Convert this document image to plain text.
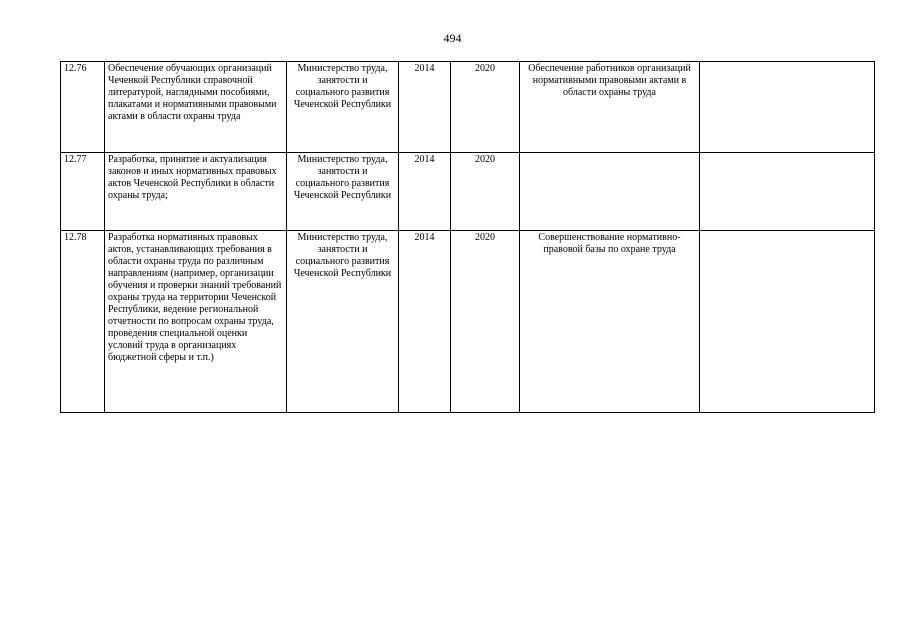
494
12.76	Обеспечение обучающих организаций Чеченкой Республики справочной литературой, наглядными пособиями, плакатами и нормативными правовыми актами в области охраны труда	Министерство труда, занятости и социального развития Чеченской Республики	2014	2020	Обеспечение работников организаций нормативными правовыми актами в области охраны труда	
12.77	Разработка, принятие и актуализация законов и иных нормативных правовых актов Чеченской Республики в области охраны труда;	Министерство труда, занятости и социального развития Чеченской Республики	2014	2020		
12.78	Разработка нормативных правовых актов, устанавливающих требования в области охраны труда по различным направлениям (например, организации обучения и проверки знаний требований охраны труда на территории Чеченской Республики, ведение региональной отчетности по вопросам охраны труда, проведения специальной оценки условий труда в организациях бюджетной сферы и т.п.)	Министерство труда, занятости и социального развития Чеченской Республики	2014	2020	Совершенствование нормативно-правовой базы по охране труда	
